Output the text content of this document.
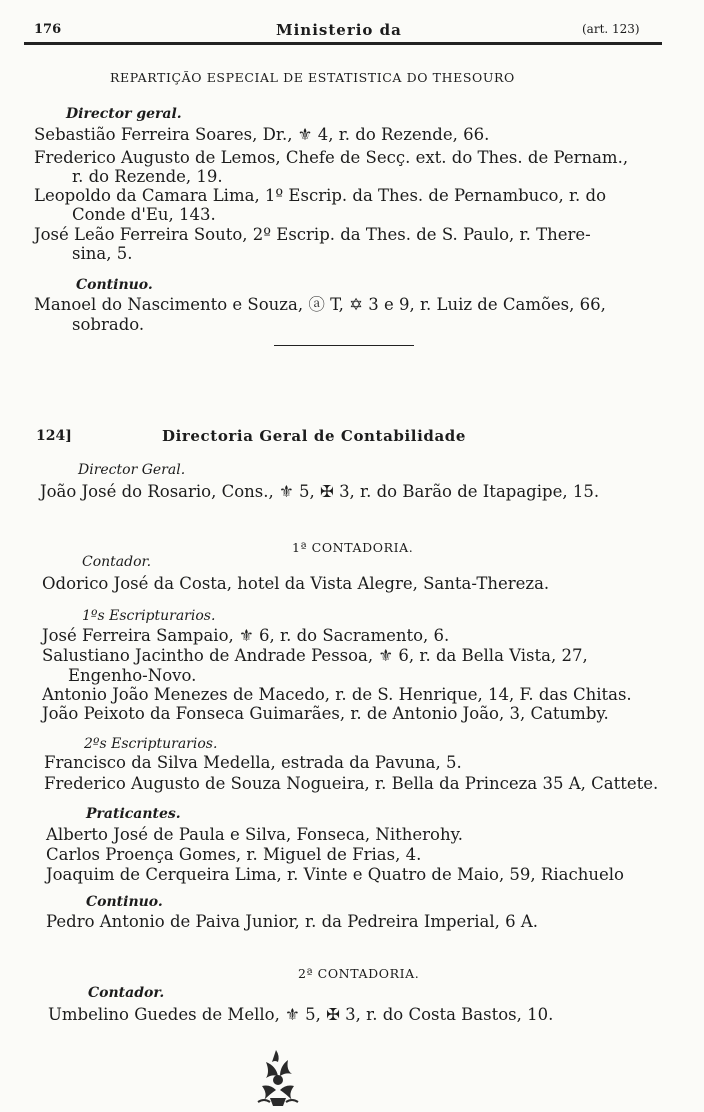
176	Ministerio da	(art. 123)
REPARTIÇÃO ESPECIAL DE ESTATISTICA DO THESOURO
Director geral.
Sebastião Ferreira Soares, Dr., ⚜ 4, r. do Rezende, 66.
Frederico Augusto de Lemos, Chefe de Secç. ext. do Thes. de Pernam.,
r. do Rezende, 19.
Leopoldo da Camara Lima, 1º Escrip. da Thes. de Pernambuco, r. do
Conde d'Eu, 143.
José Leão Ferreira Souto, 2º Escrip. da Thes. de S. Paulo, r. There-
sina, 5.
Continuo.
Manoel do Nascimento e Souza, ⓐ T, ✡ 3 e 9, r. Luiz de Camões, 66,
sobrado.
124]	Directoria Geral de Contabilidade
Director Geral.
João José do Rosario, Cons., ⚜ 5, ✠ 3, r. do Barão de Itapagipe, 15.
1ª CONTADORIA.
Contador.
Odorico José da Costa, hotel da Vista Alegre, Santa-Thereza.
1ºs Escripturarios.
José Ferreira Sampaio, ⚜ 6, r. do Sacramento, 6.
Salustiano Jacintho de Andrade Pessoa, ⚜ 6, r. da Bella Vista, 27,
Engenho-Novo.
Antonio João Menezes de Macedo, r. de S. Henrique, 14, F. das Chitas.
João Peixoto da Fonseca Guimarães, r. de Antonio João, 3, Catumby.
2ºs Escripturarios.
Francisco da Silva Medella, estrada da Pavuna, 5.
Frederico Augusto de Souza Nogueira, r. Bella da Princeza 35 A, Cattete.
Praticantes.
Alberto José de Paula e Silva, Fonseca, Nitherohy.
Carlos Proença Gomes, r. Miguel de Frias, 4.
Joaquim de Cerqueira Lima, r. Vinte e Quatro de Maio, 59, Riachuelo
Continuo.
Pedro Antonio de Paiva Junior, r. da Pedreira Imperial, 6 A.
2ª CONTADORIA.
Contador.
Umbelino Guedes de Mello, ⚜ 5, ✠ 3, r. do Costa Bastos, 10.
